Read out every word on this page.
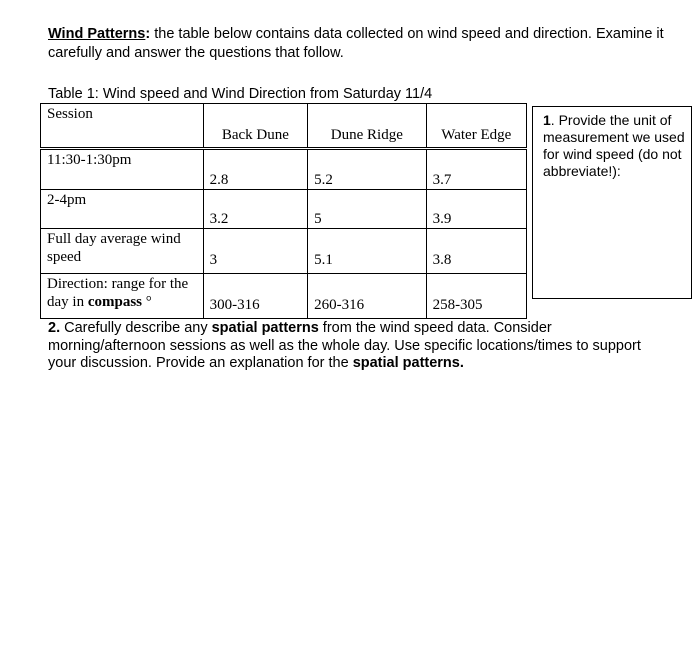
Wind Patterns: the table below contains data collected on wind speed and direction. Examine it carefully and answer the questions that follow.
Table 1: Wind speed and Wind Direction from Saturday 11/4
Session	Back Dune	Dune Ridge	Water Edge
11:30-1:30pm	2.8	5.2	3.7
2-4pm	3.2	5	3.9
Full day average wind speed	3	5.1	3.8
Direction: range for the day in compass °	300-316	260-316	258-305
1. Provide the unit of measurement we used for wind speed (do not abbreviate!):
2. Carefully describe any spatial patterns from the wind speed data. Consider morning/afternoon sessions as well as the whole day. Use specific locations/times to support your discussion. Provide an explanation for the spatial patterns.
